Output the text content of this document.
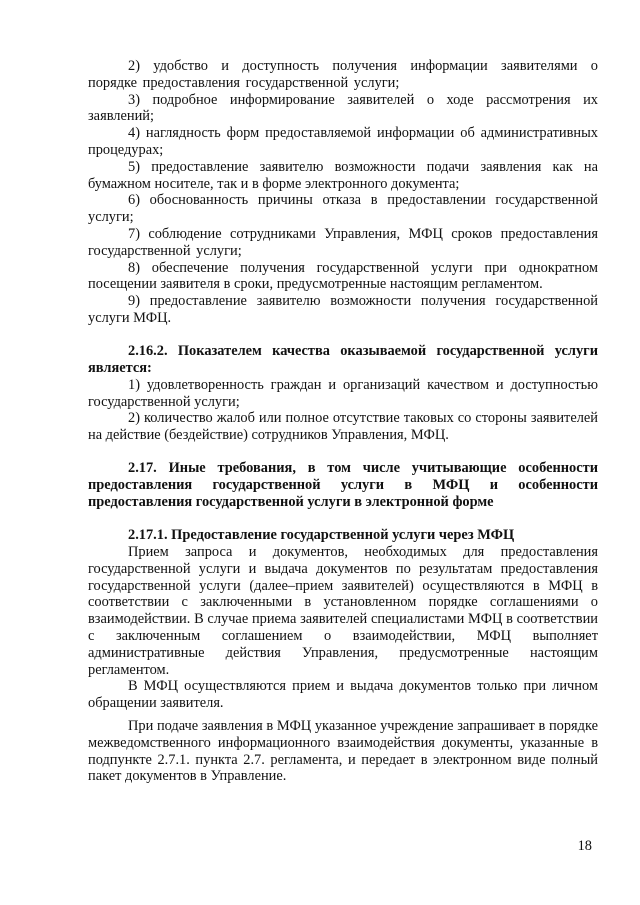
2) удобство и доступность получения информации заявителями о порядке предоставления государственной услуги;

3) подробное информирование заявителей о ходе рассмотрения их заявлений;

4) наглядность форм предоставляемой информации об административных процедурах;

5) предоставление заявителю возможности подачи заявления как на бумажном носителе, так и в форме электронного документа;

6) обоснованность причины отказа в предоставлении государственной услуги;

7) соблюдение сотрудниками Управления, МФЦ сроков предоставления государственной услуги;

8) обеспечение получения государственной услуги при однократном посещении заявителя в сроки, предусмотренные настоящим регламентом.

9) предоставление заявителю возможности получения государственной услуги МФЦ.

2.16.2. Показателем качества оказываемой государственной услуги является:

1) удовлетворенность граждан и организаций качеством и доступностью государственной услуги;

2) количество жалоб или полное отсутствие таковых со стороны заявителей на действие (бездействие) сотрудников Управления, МФЦ.

2.17. Иные требования, в том числе учитывающие особенности предоставления государственной услуги в МФЦ и особенности предоставления государственной услуги в электронной форме

2.17.1. Предоставление государственной услуги через МФЦ

Прием запроса и документов, необходимых для предоставления государственной услуги и выдача документов по результатам предоставления государственной услуги (далее–прием заявителей) осуществляются в МФЦ в соответствии с заключенными в установленном порядке соглашениями о взаимодействии. В случае приема заявителей специалистами МФЦ в соответствии с заключенным соглашением о взаимодействии, МФЦ выполняет административные действия Управления, предусмотренные настоящим регламентом.

В МФЦ осуществляются прием и выдача документов только при личном обращении заявителя.

При подаче заявления в МФЦ указанное учреждение запрашивает в порядке межведомственного информационного взаимодействия документы, указанные в подпункте 2.7.1. пункта 2.7. регламента, и передает в электронном виде полный пакет документов в Управление.

18
